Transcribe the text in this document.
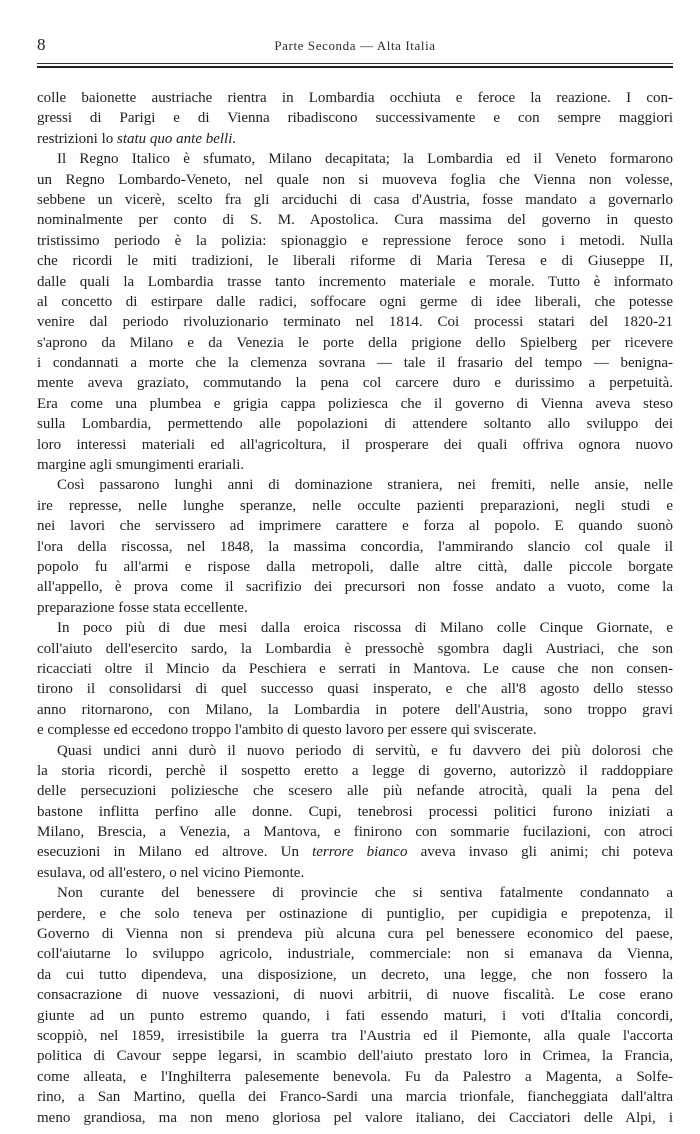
8	Parte Seconda — Alta Italia
colle baionette austriache rientra in Lombardia occhiuta e feroce la reazione. I con-
gressi di Parigi e di Vienna ribadiscono successivamente e con sempre maggiori
restrizioni lo statu quo ante belli.
Il Regno Italico è sfumato, Milano decapitata; la Lombardia ed il Veneto formarono
un Regno Lombardo-Veneto, nel quale non si muoveva foglia che Vienna non volesse,
sebbene un vicerè, scelto fra gli arciduchi di casa d'Austria, fosse mandato a governarlo
nominalmente per conto di S. M. Apostolica. Cura massima del governo in questo
tristissimo periodo è la polizia: spionaggio e repressione feroce sono i metodi. Nulla
che ricordi le miti tradizioni, le liberali riforme di Maria Teresa e di Giuseppe II,
dalle quali la Lombardia trasse tanto incremento materiale e morale. Tutto è informato
al concetto di estirpare dalle radici, soffocare ogni germe di idee liberali, che potesse
venire dal periodo rivoluzionario terminato nel 1814. Coi processi statari del 1820-21
s'aprono da Milano e da Venezia le porte della prigione dello Spielberg per ricevere
i condannati a morte che la clemenza sovrana — tale il frasario del tempo — benigna-
mente aveva graziato, commutando la pena col carcere duro e durissimo a perpetuità.
Era come una plumbea e grigia cappa poliziesca che il governo di Vienna aveva steso
sulla Lombardia, permettendo alle popolazioni di attendere soltanto allo sviluppo dei
loro interessi materiali ed all'agricoltura, il prosperare dei quali offriva ognora nuovo
margine agli smungimenti erariali.
Così passarono lunghi anni di dominazione straniera, nei fremiti, nelle ansie, nelle
ire represse, nelle lunghe speranze, nelle occulte pazienti preparazioni, negli studi e
nei lavori che servissero ad imprimere carattere e forza al popolo. E quando suonò
l'ora della riscossa, nel 1848, la massima concordia, l'ammirando slancio col quale il
popolo fu all'armi e rispose dalla metropoli, dalle altre città, dalle piccole borgate
all'appello, è prova come il sacrifizio dei precursori non fosse andato a vuoto, come la
preparazione fosse stata eccellente.
In poco più di due mesi dalla eroica riscossa di Milano colle Cinque Giornate, e
coll'aiuto dell'esercito sardo, la Lombardia è pressochè sgombra dagli Austriaci, che son
ricacciati oltre il Mincio da Peschiera e serrati in Mantova. Le cause che non consen-
tirono il consolidarsi di quel successo quasi insperato, e che all'8 agosto dello stesso
anno ritornarono, con Milano, la Lombardia in potere dell'Austria, sono troppo gravi
e complesse ed eccedono troppo l'ambito di questo lavoro per essere qui sviscerate.
Quasi undici anni durò il nuovo periodo di servitù, e fu davvero dei più dolorosi che
la storia ricordi, perchè il sospetto eretto a legge di governo, autorizzò il raddoppiare
delle persecuzioni poliziesche che scesero alle più nefande atrocità, quali la pena del
bastone inflitta perfino alle donne. Cupi, tenebrosi processi politici furono iniziati a
Milano, Brescia, a Venezia, a Mantova, e finirono con sommarie fucilazioni, con atroci
esecuzioni in Milano ed altrove. Un terrore bianco aveva invaso gli animi; chi poteva
esulava, od all'estero, o nel vicino Piemonte.
Non curante del benessere di provincie che si sentiva fatalmente condannato a
perdere, e che solo teneva per ostinazione di puntiglio, per cupidigia e prepotenza, il
Governo di Vienna non si prendeva più alcuna cura pel benessere economico del paese,
coll'aiutarne lo sviluppo agricolo, industriale, commerciale: non si emanava da Vienna,
da cui tutto dipendeva, una disposizione, un decreto, una legge, che non fossero la
consacrazione di nuove vessazioni, di nuovi arbitrii, di nuove fiscalità. Le cose erano
giunte ad un punto estremo quando, i fati essendo maturi, i voti d'Italia concordi,
scoppiò, nel 1859, irresistibile la guerra tra l'Austria ed il Piemonte, alla quale l'accorta
politica di Cavour seppe legarsi, in scambio dell'aiuto prestato loro in Crimea, la Francia,
come alleata, e l'Inghilterra palesemente benevola. Fu da Palestro a Magenta, a Solfe-
rino, a San Martino, quella dei Franco-Sardi una marcia trionfale, fiancheggiata dall'altra
meno grandiosa, ma non meno gloriosa pel valore italiano, dei Cacciatori delle Alpi, i
